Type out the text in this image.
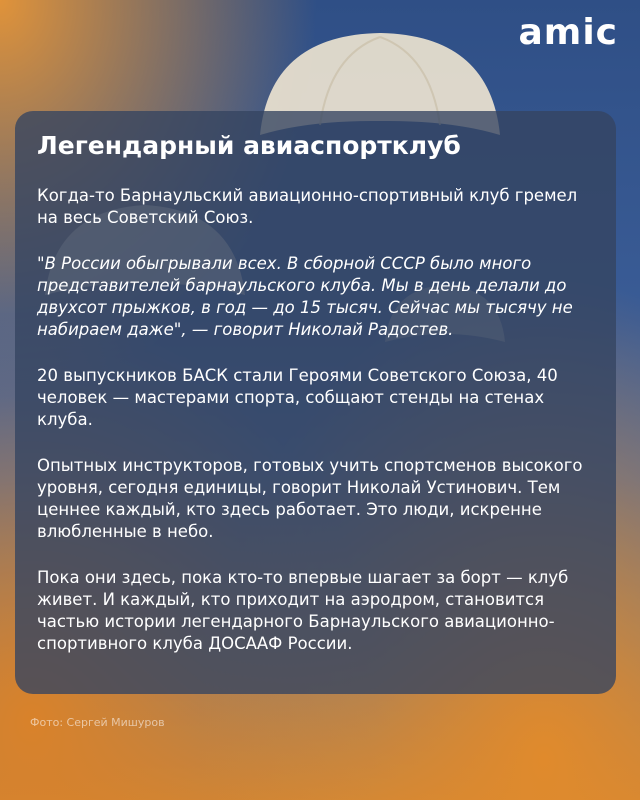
amic
Легендарный авиаспортклуб

Когда-то Барнаульский авиационно-спортивный клуб гремел на весь Советский Союз.

"В России обыгрывали всех. В сборной СССР было много представителей барнаульского клуба. Мы в день делали до двухсот прыжков, в год — до 15 тысяч. Сейчас мы тысячу не набираем даже", — говорит Николай Радостев.

20 выпускников БАСК стали Героями Советского Союза, 40 человек — мастерами спорта, собщают стенды на стенах клуба.

Опытных инструкторов, готовых учить спортсменов высокого уровня, сегодня единицы, говорит Николай Устинович. Тем ценнее каждый, кто здесь работает. Это люди, искренне влюбленные в небо.

Пока они здесь, пока кто-то впервые шагает за борт — клуб живет. И каждый, кто приходит на аэродром, становится частью истории легендарного Барнаульского авиационно-спортивного клуба ДОСААФ России.

Фото: Сергей Мишуров
